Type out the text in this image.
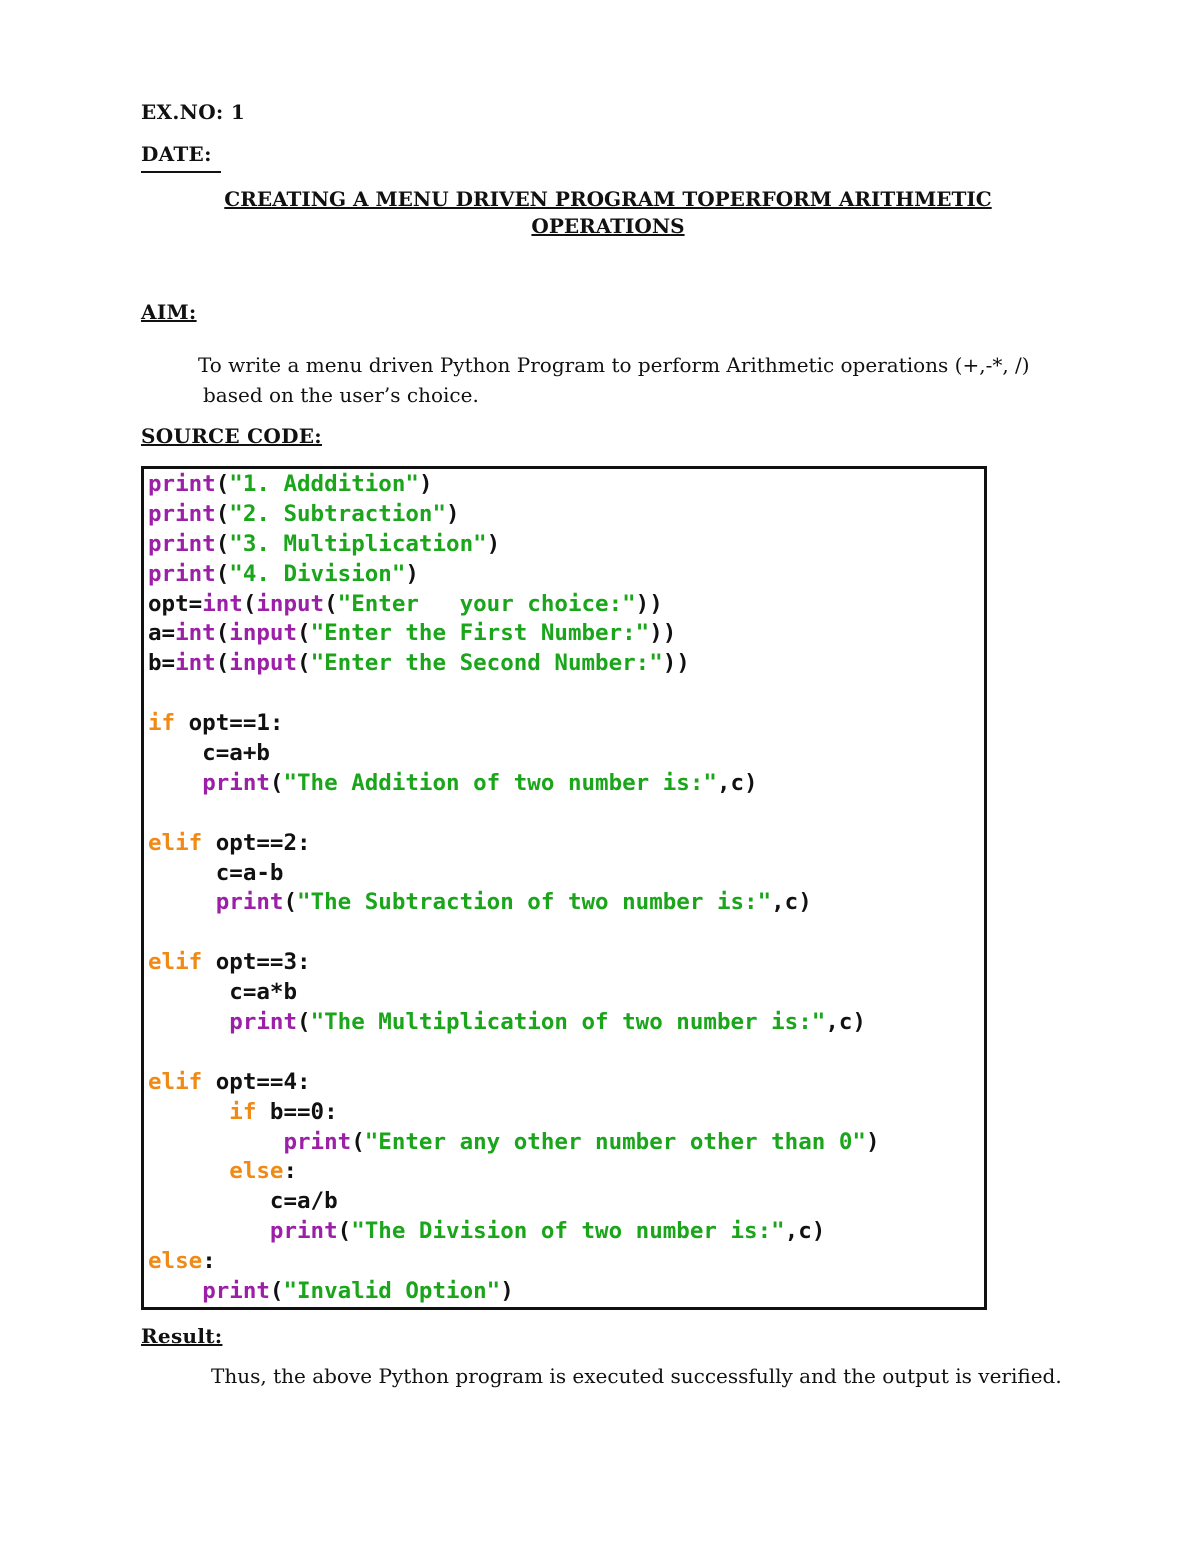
EX.NO: 1
DATE:
CREATING A MENU DRIVEN PROGRAM TOPERFORM ARITHMETIC
OPERATIONS
AIM:
To write a menu driven Python Program to perform Arithmetic operations (+,-*, /)
based on the user’s choice.
SOURCE CODE:
print("1. Adddition")
print("2. Subtraction")
print("3. Multiplication")
print("4. Division")
opt=int(input("Enter   your choice:"))
a=int(input("Enter the First Number:"))
b=int(input("Enter the Second Number:"))

if opt==1:
c=a+b
print("The Addition of two number is:",c)

elif opt==2:
c=a-b
print("The Subtraction of two number is:",c)

elif opt==3:
c=a*b
print("The Multiplication of two number is:",c)

elif opt==4:
if b==0:
print("Enter any other number other than 0")
else:
c=a/b
print("The Division of two number is:",c)
else:
print("Invalid Option")
Result:
Thus, the above Python program is executed successfully and the output is verified.
